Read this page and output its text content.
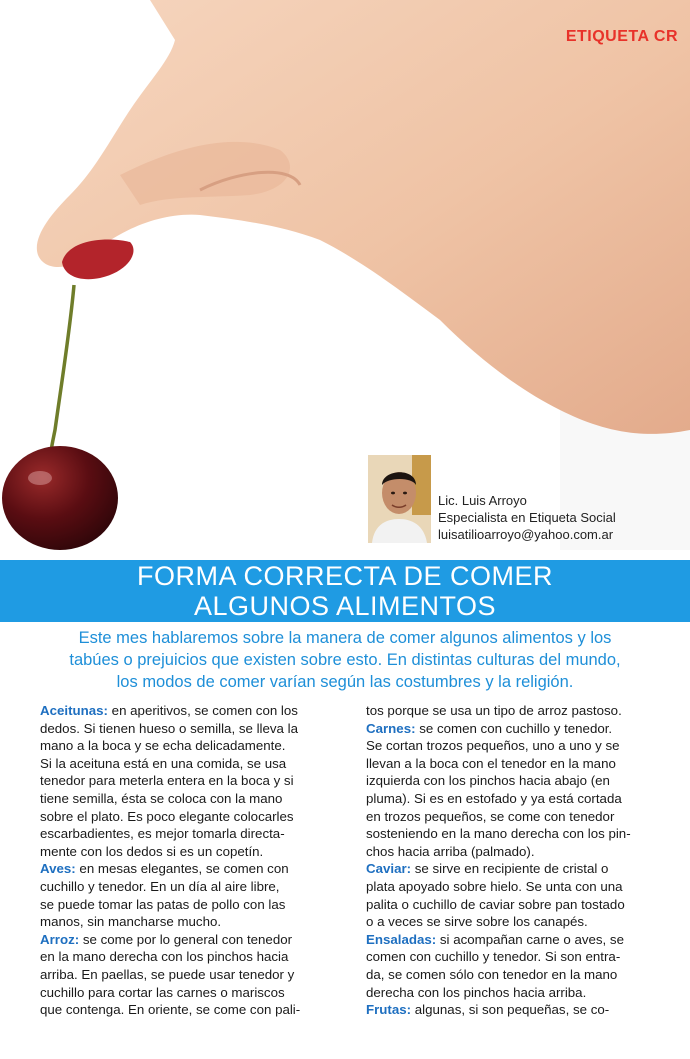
ETIQUETA CR
Lic. Luis Arroyo
Especialista en Etiqueta Social
luisatilioarroyo@yahoo.com.ar
FORMA CORRECTA DE COMER
ALGUNOS ALIMENTOS
Este mes hablaremos sobre la manera de comer algunos alimentos y los
tabúes o prejuicios que existen sobre esto. En distintas culturas del mundo,
los modos de comer varían según las costumbres y la religión.
Aceitunas: en aperitivos, se comen con los
dedos. Si tienen hueso o semilla, se lleva la
mano a la boca y se echa delicadamente.
Si la aceituna está en una comida, se usa
tenedor para meterla entera en la boca y si
tiene semilla, ésta se coloca con la mano
sobre el plato. Es poco elegante colocarles
escarbadientes, es mejor tomarla directa-
mente con los dedos si es un copetín.
Aves: en mesas elegantes, se comen con
cuchillo y tenedor. En un día al aire libre,
se puede tomar las patas de pollo con las
manos, sin mancharse mucho.
Arroz: se come por lo general con tenedor
en la mano derecha con los pinchos hacia
arriba. En paellas, se puede usar tenedor y
cuchillo para cortar las carnes o mariscos
que contenga. En oriente, se come con pali-
tos porque se usa un tipo de arroz pastoso.
Carnes: se comen con cuchillo y tenedor.
Se cortan trozos pequeños, uno a uno y se
llevan a la boca con el tenedor en la mano
izquierda con los pinchos hacia abajo (en
pluma). Si es en estofado y ya está cortada
en trozos pequeños, se come con tenedor
sosteniendo en la mano derecha con los pin-
chos hacia arriba (palmado).
Caviar: se sirve en recipiente de cristal o
plata apoyado sobre hielo. Se unta con una
palita o cuchillo de caviar sobre pan tostado
o a veces se sirve sobre los canapés.
Ensaladas: si acompañan carne o aves, se
comen con cuchillo y tenedor. Si son entra-
da, se comen sólo con tenedor en la mano
derecha con los pinchos hacia arriba.
Frutas: algunas, si son pequeñas, se co-
